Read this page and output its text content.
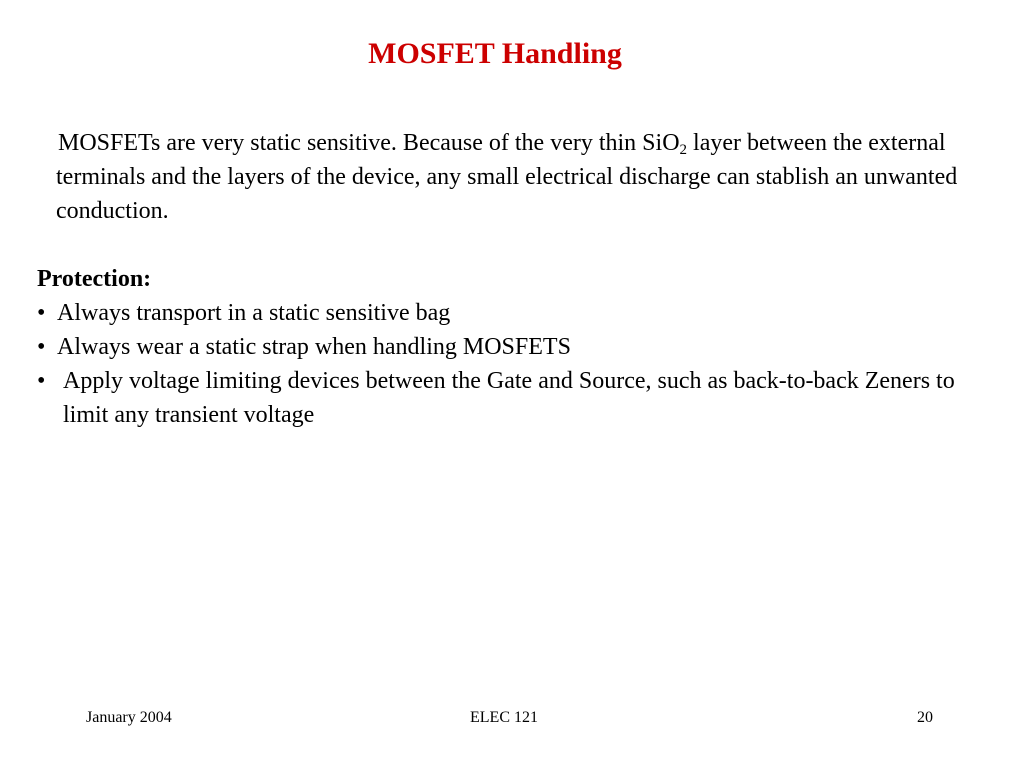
MOSFET Handling
MOSFETs are very static sensitive. Because of the very thin SiO$_2$ layer between the external terminals and the layers of the device, any small electrical discharge can stablish an unwanted conduction.
Protection:
• Always transport in a static sensitive bag
• Always wear a static strap when handling MOSFETS
• Apply voltage limiting devices between the Gate and Source, such as back-to-back Zeners to limit any transient voltage
January 2004	ELEC 121	20
